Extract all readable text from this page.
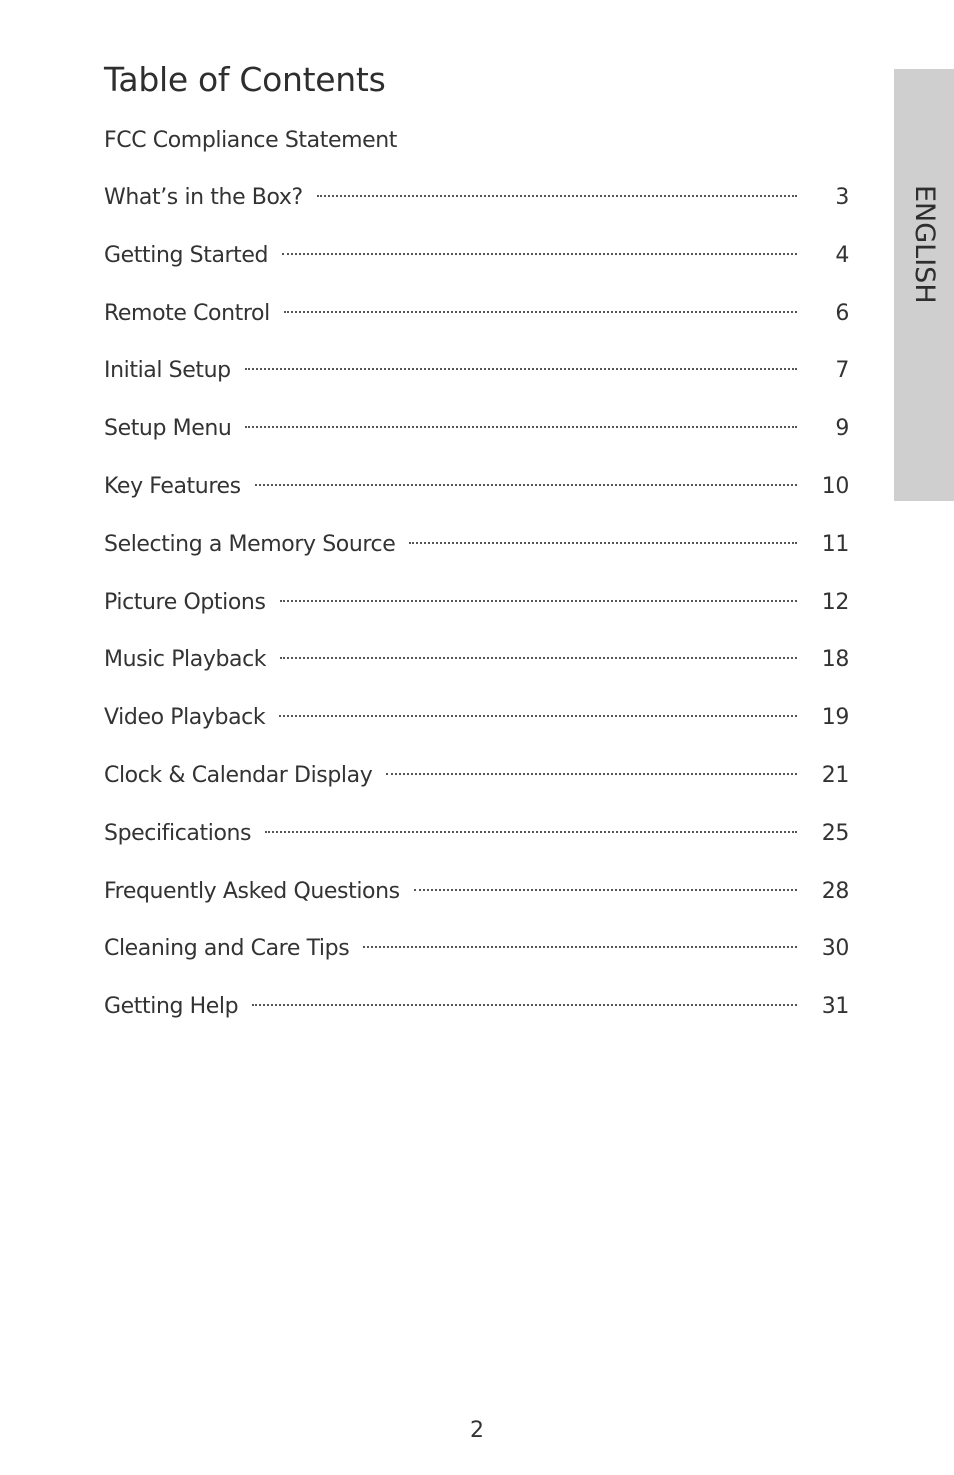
Table of Contents
FCC Compliance Statement
What’s in the Box?	3
Getting Started	4
Remote Control	6
Initial Setup	7
Setup Menu	9
Key Features	10
Selecting a Memory Source	11
Picture Options	12
Music Playback	18
Video Playback	19
Clock & Calendar Display	21
Specifications	25
Frequently Asked Questions	28
Cleaning and Care Tips	30
Getting Help	31
ENGLISH
2
